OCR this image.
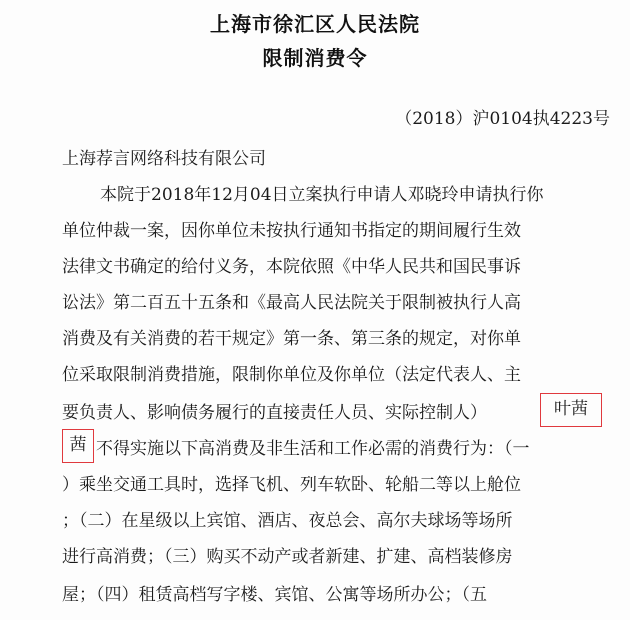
上海市徐汇区人民法院
限制消费令
（2018）沪0104执4223号
上海荐言网络科技有限公司
本院于2018年12月04日立案执行申请人邓晓玲申请执行你
单位仲裁一案，因你单位未按执行通知书指定的期间履行生效
法律文书确定的给付义务，本院依照《中华人民共和国民事诉
讼法》第二百五十五条和《最高人民法院关于限制被执行人高
消费及有关消费的若干规定》第一条、第三条的规定，对你单
位采取限制消费措施，限制你单位及你单位（法定代表人、主
要负责人、影响债务履行的直接责任人员、实际控制人）	叶茜
茜 不得实施以下高消费及非生活和工作必需的消费行为：（一
）乘坐交通工具时，选择飞机、列车软卧、轮船二等以上舱位
；（二）在星级以上宾馆、酒店、夜总会、高尔夫球场等场所
进行高消费；（三）购买不动产或者新建、扩建、高档装修房
屋；（四）租赁高档写字楼、宾馆、公寓等场所办公；（五
